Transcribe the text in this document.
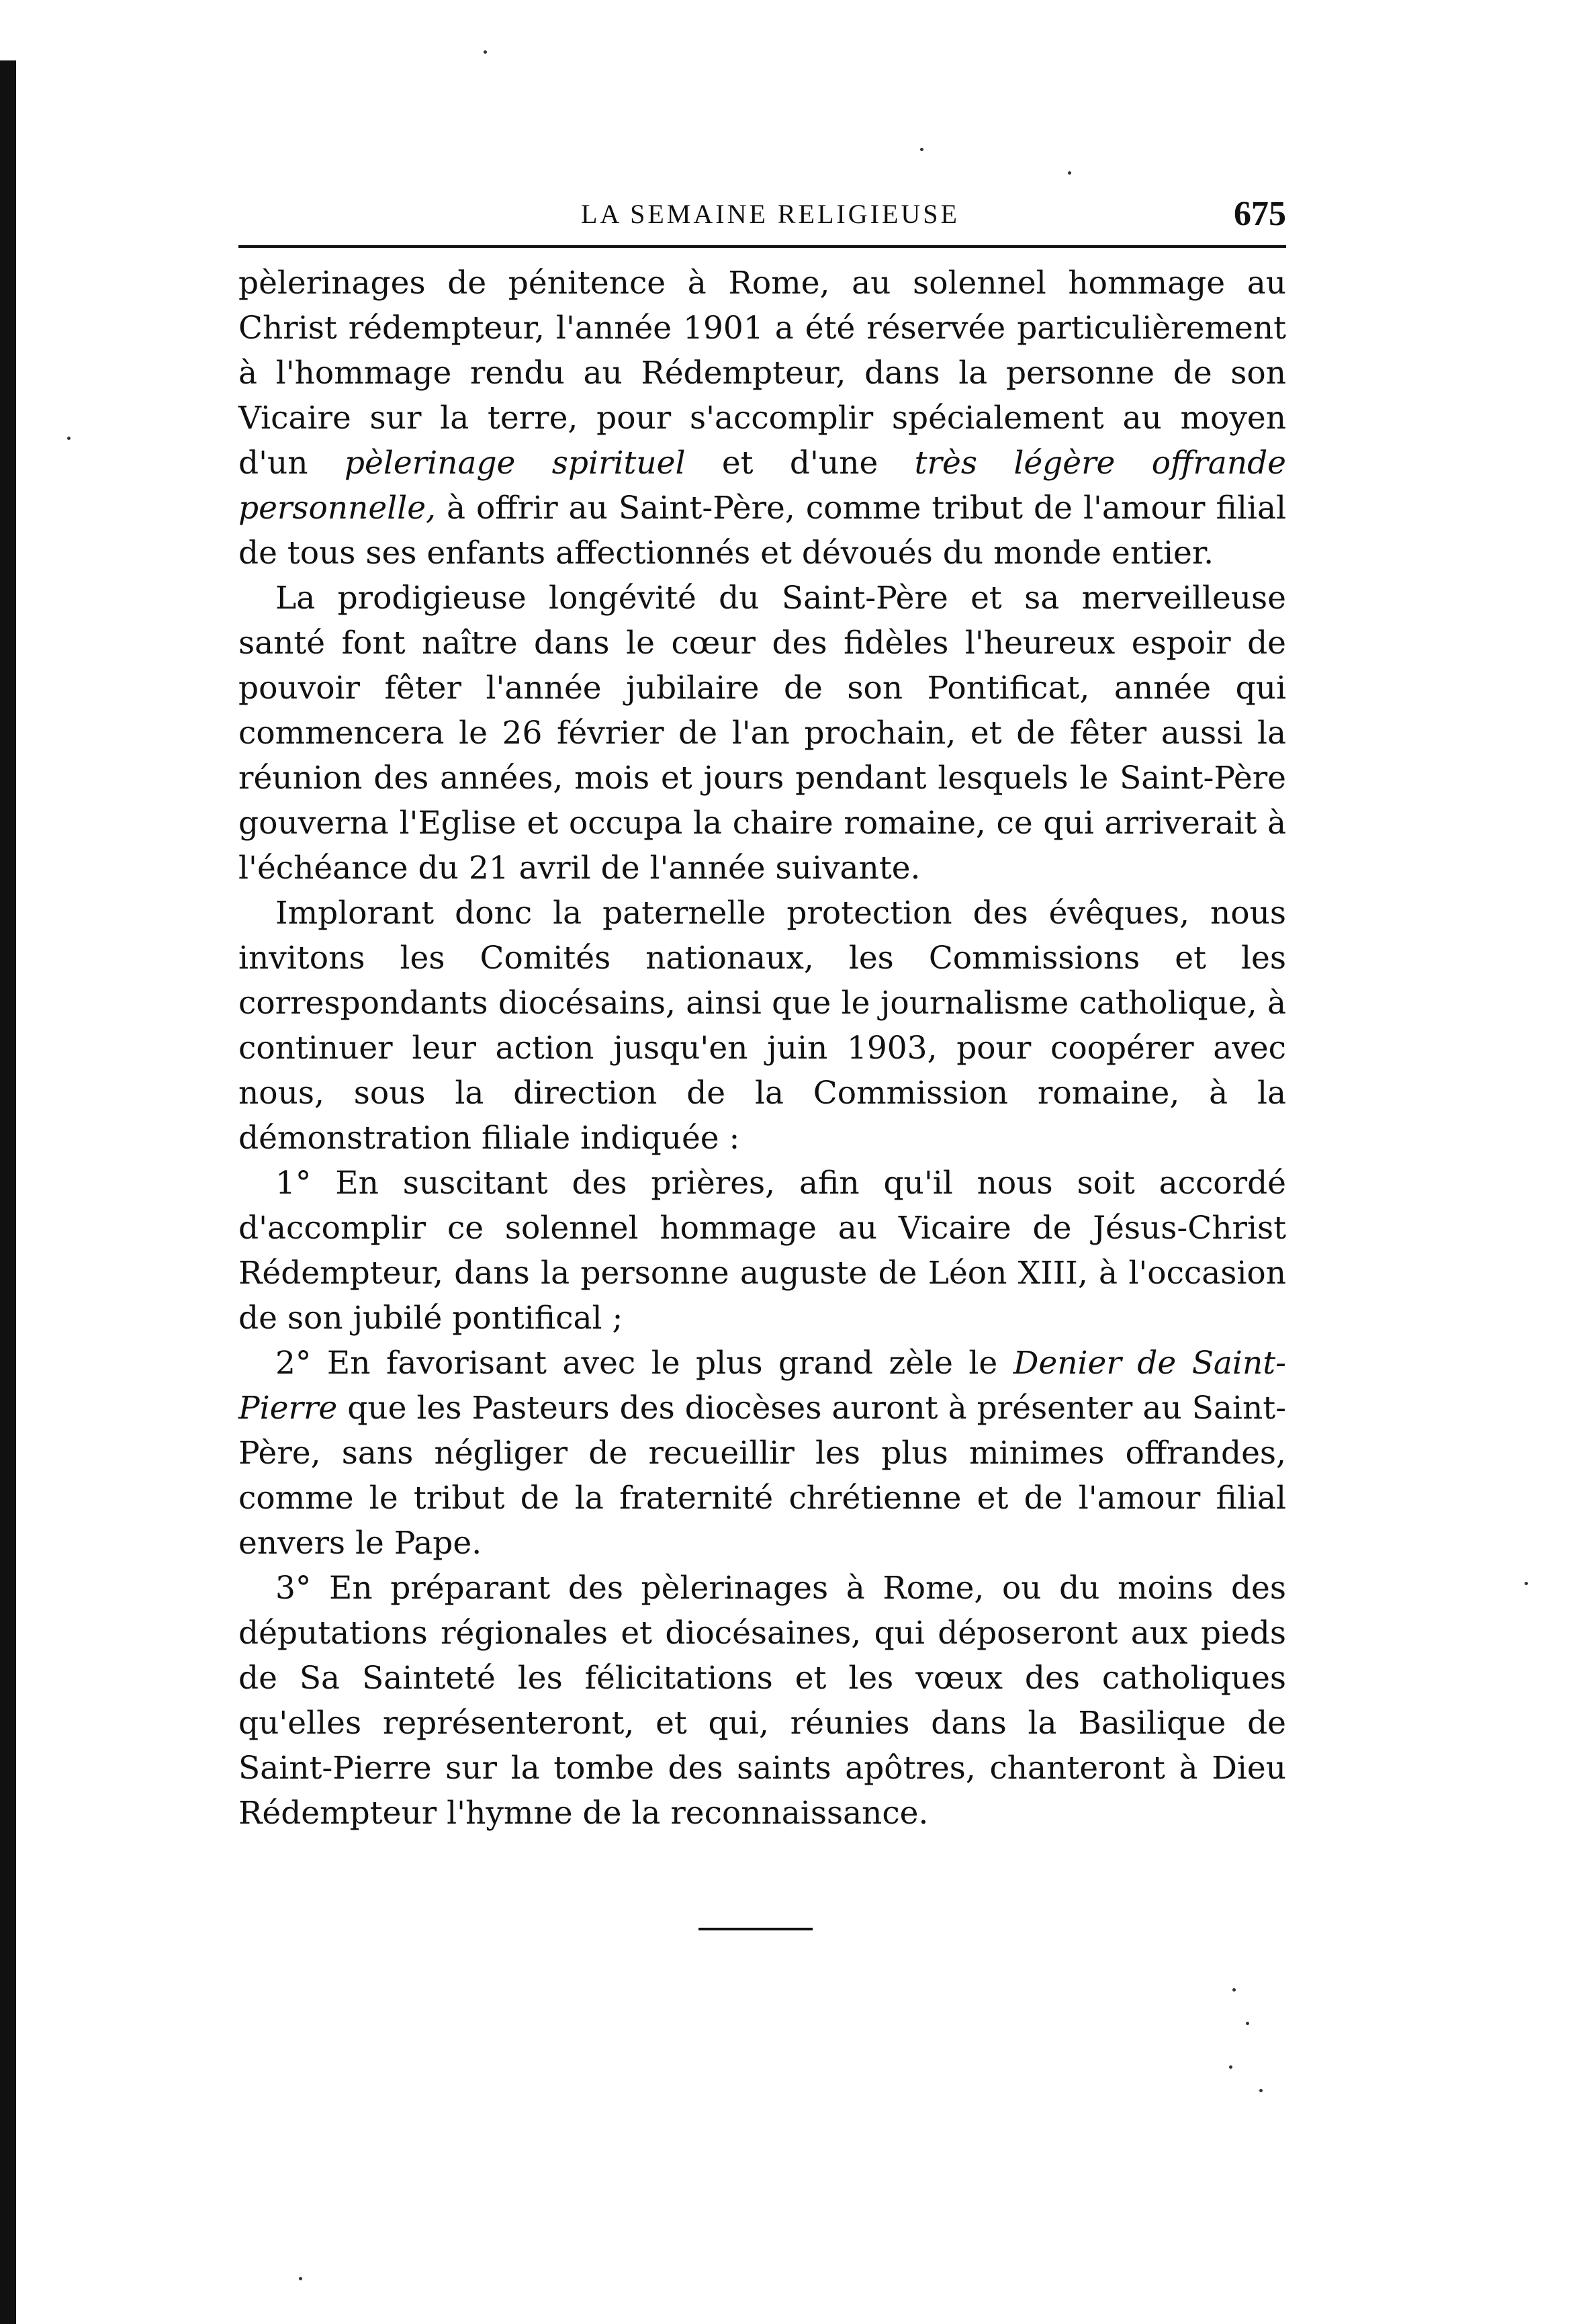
LA SEMAINE RELIGIEUSE	675

pèlerinages de pénitence à Rome, au solennel hommage au Christ rédempteur, l'année 1901 a été réservée particulièrement à l'hommage rendu au Rédempteur, dans la personne de son Vicaire sur la terre, pour s'accomplir spécialement au moyen d'un pèlerinage spirituel et d'une très légère offrande personnelle, à offrir au Saint-Père, comme tribut de l'amour filial de tous ses enfants affectionnés et dévoués du monde entier.

La prodigieuse longévité du Saint-Père et sa merveilleuse santé font naître dans le cœur des fidèles l'heureux espoir de pouvoir fêter l'année jubilaire de son Pontificat, année qui commencera le 26 février de l'an prochain, et de fêter aussi la réunion des années, mois et jours pendant lesquels le Saint-Père gouverna l'Eglise et occupa la chaire romaine, ce qui arriverait à l'échéance du 21 avril de l'année suivante.

Implorant donc la paternelle protection des évêques, nous invitons les Comités nationaux, les Commissions et les correspondants diocésains, ainsi que le journalisme catholique, à continuer leur action jusqu'en juin 1903, pour coopérer avec nous, sous la direction de la Commission romaine, à la démonstration filiale indiquée :

1° En suscitant des prières, afin qu'il nous soit accordé d'accomplir ce solennel hommage au Vicaire de Jésus-Christ Rédempteur, dans la personne auguste de Léon XIII, à l'occasion de son jubilé pontifical ;

2° En favorisant avec le plus grand zèle le Denier de Saint-Pierre que les Pasteurs des diocèses auront à présenter au Saint-Père, sans négliger de recueillir les plus minimes offrandes, comme le tribut de la fraternité chrétienne et de l'amour filial envers le Pape.

3° En préparant des pèlerinages à Rome, ou du moins des députations régionales et diocésaines, qui déposeront aux pieds de Sa Sainteté les félicitations et les vœux des catholiques qu'elles représenteront, et qui, réunies dans la Basilique de Saint-Pierre sur la tombe des saints apôtres, chanteront à Dieu Rédempteur l'hymne de la reconnaissance.
